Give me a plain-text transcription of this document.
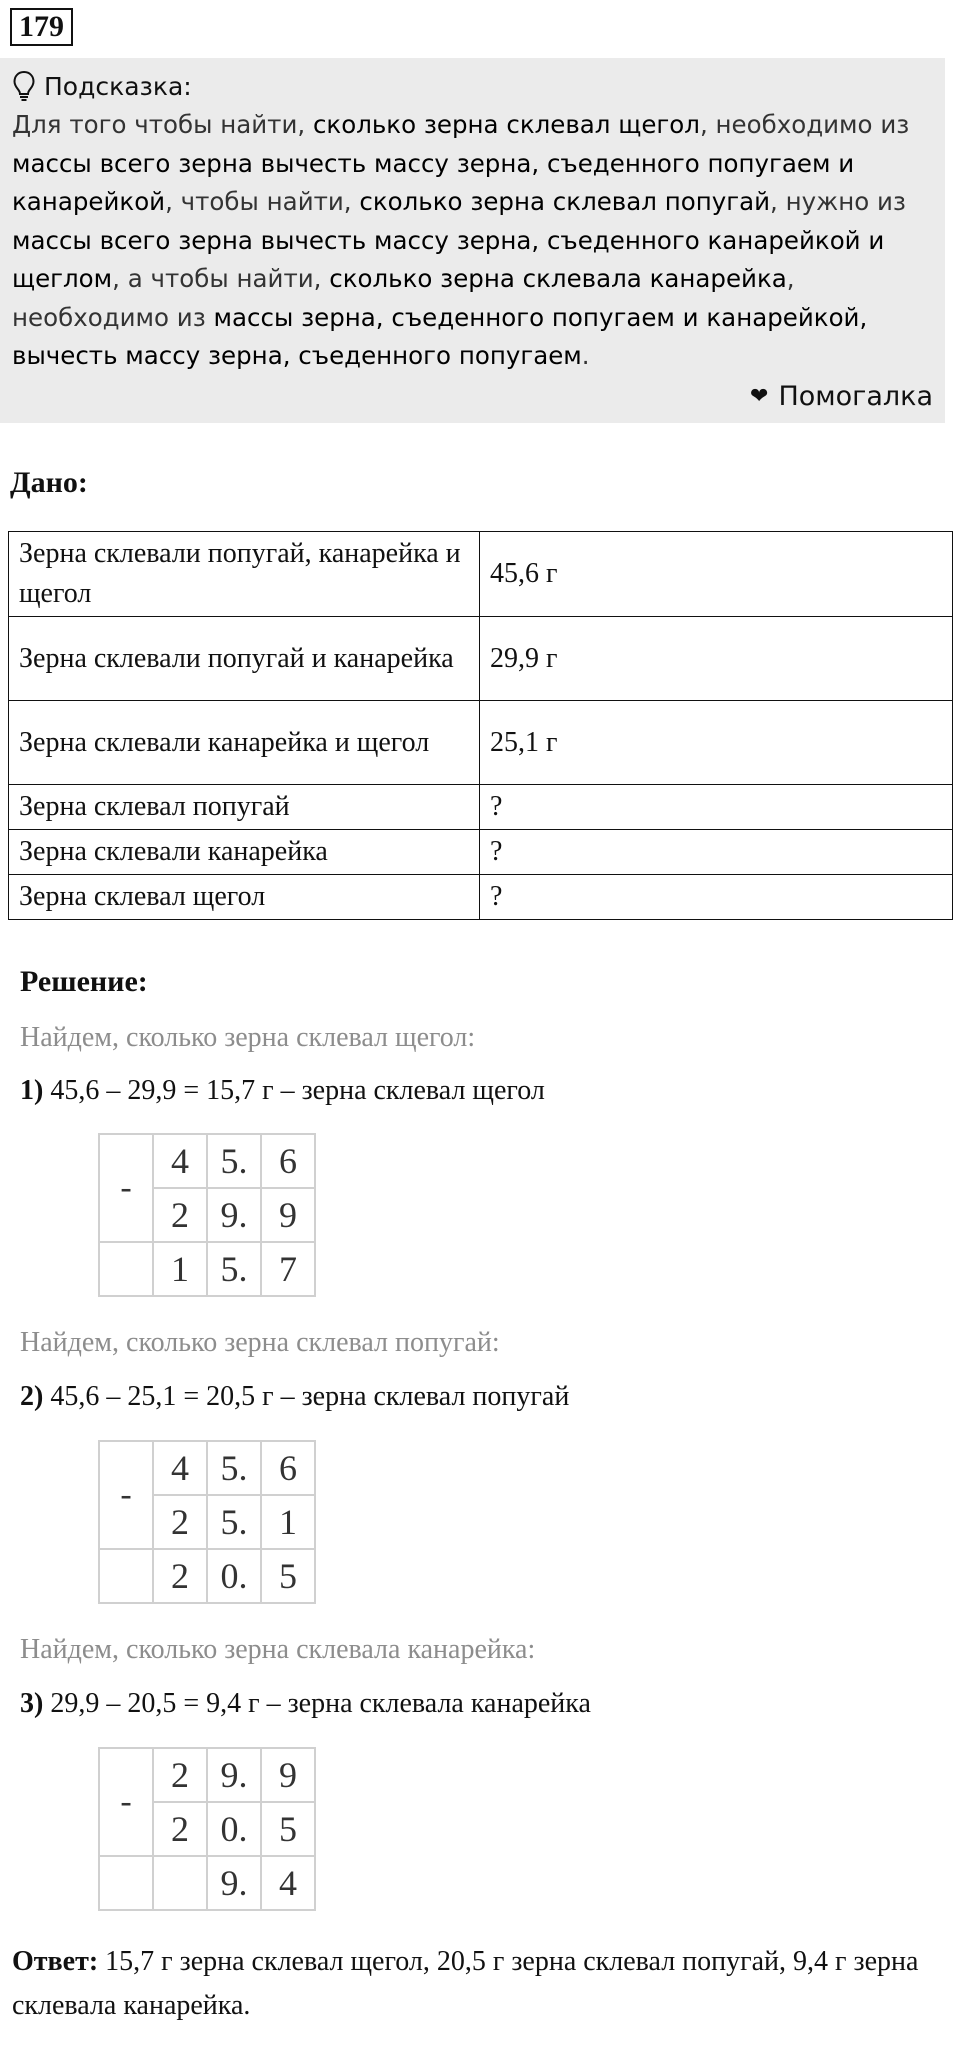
179
Подсказка:
Для того чтобы найти, сколько зерна склевал щегол, необходимо из массы всего зерна вычесть массу зерна, съеденного попугаем и канарейкой, чтобы найти, сколько зерна склевал попугай, нужно из массы всего зерна вычесть массу зерна, съеденного канарейкой и щеглом, а чтобы найти, сколько зерна склевала канарейка, необходимо из массы зерна, съеденного попугаем и канарейкой, вычесть массу зерна, съеденного попугаем.
❤ Помогалка
Дано:
Зерна склевали попугай, канарейка и щегол	45,6 г
Зерна склевали попугай и канарейка	29,9 г
Зерна склевали канарейка и щегол	25,1 г
Зерна склевал попугай	?
Зерна склевали канарейка	?
Зерна склевал щегол	?
Решение:
Найдем, сколько зерна склевал щегол:
1) 45,6 – 29,9 = 15,7 г – зерна склевал щегол
-	4	5.	6
	2	9.	9
	1	5.	7
Найдем, сколько зерна склевал попугай:
2) 45,6 – 25,1 = 20,5 г – зерна склевал попугай
-	4	5.	6
	2	5.	1
	2	0.	5
Найдем, сколько зерна склевала канарейка:
3) 29,9 – 20,5 = 9,4 г – зерна склевала канарейка
-	2	9.	9
	2	0.	5
		9.	4
Ответ: 15,7 г зерна склевал щегол, 20,5 г зерна склевал попугай, 9,4 г зерна склевала канарейка.
